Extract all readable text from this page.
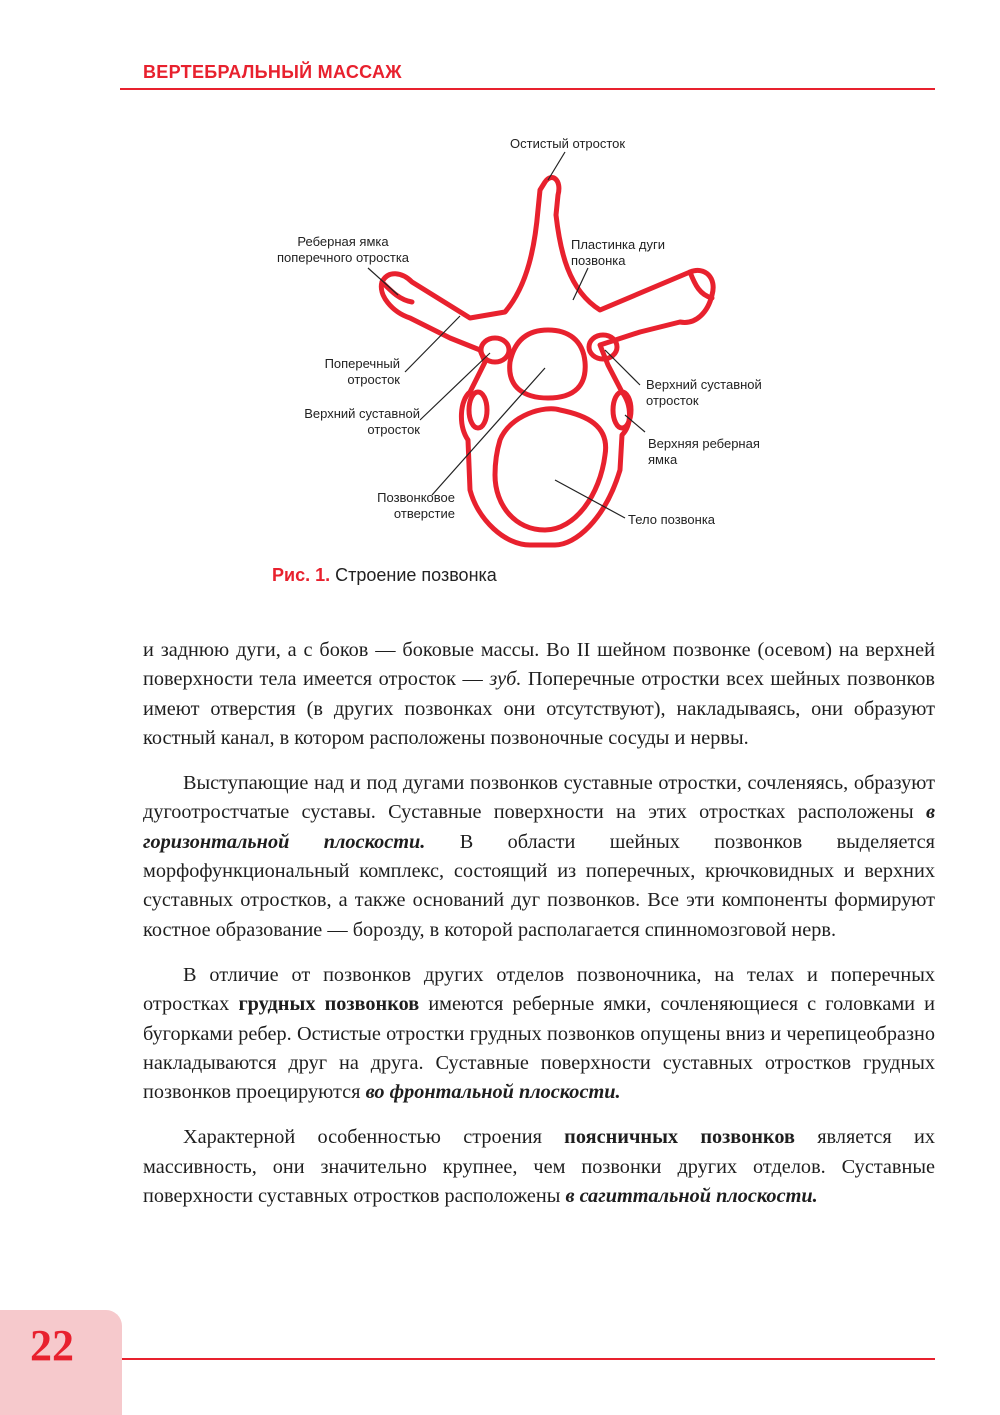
ВЕРТЕБРАЛЬНЫЙ МАССАЖ
Остистый отросток
Реберная ямка
поперечного отростка
Пластинка дуги
позвонка
Поперечный
отросток
Верхний суставной
отросток
Верхний суставной
отросток
Верхняя реберная
ямка
Позвонковое
отверстие	Тело позвонка
Рис. 1. Строение позвонка

и заднюю дуги, а с боков — боковые массы. Во II шейном позвонке (осевом) на верхней поверхности тела имеется отросток — зуб. Поперечные отростки всех шейных позвонков имеют отверстия (в других позвонках они отсутствуют), накладываясь, они образуют костный канал, в котором расположены позвоночные сосуды и нервы.

Выступающие над и под дугами позвонков суставные отростки, сочленяясь, образуют дугоотростчатые суставы. Суставные поверхности на этих отростках расположены в горизонтальной плоскости. В области шейных позвонков выделяется морфофункциональный комплекс, состоящий из поперечных, крючковидных и верхних суставных отростков, а также оснований дуг позвонков. Все эти компоненты формируют костное образование — борозду, в которой располагается спинномозговой нерв.

В отличие от позвонков других отделов позвоночника, на телах и поперечных отростках грудных позвонков имеются реберные ямки, сочленяющиеся с головками и бугорками ребер. Остистые отростки грудных позвонков опущены вниз и черепицеобразно накладываются друг на друга. Суставные поверхности суставных отростков грудных позвонков проецируются во фронтальной плоскости.

Характерной особенностью строения поясничных позвонков является их массивность, они значительно крупнее, чем позвонки других отделов. Суставные поверхности суставных отростков расположены в сагиттальной плоскости.

22
